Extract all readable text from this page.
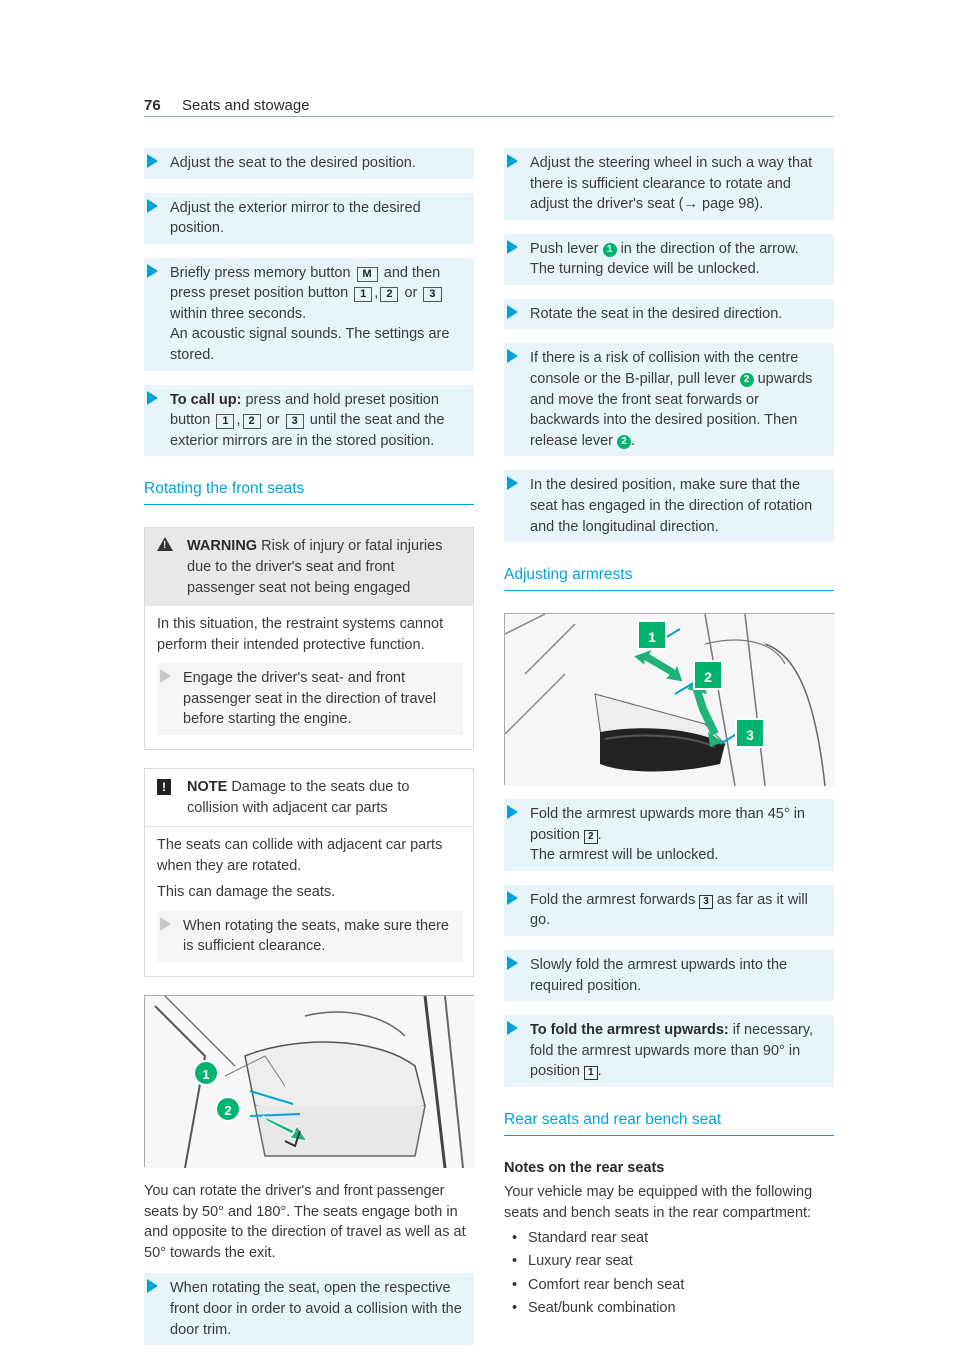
76 Seats and stowage
Adjust the seat to the desired position.
Adjust the exterior mirror to the desired position.
Briefly press memory button M and then press preset position button 1 , 2 or 3 within three seconds.
An acoustic signal sounds. The settings are stored.
To call up: press and hold preset position button 1 , 2 or 3 until the seat and the exterior mirrors are in the stored position.
Rotating the front seats
!
WARNING Risk of injury or fatal injuries due to the driver's seat and front passenger seat not being engaged

In this situation, the restraint systems cannot perform their intended protective function.

Engage the driver's seat- and front passenger seat in the direction of travel before starting the engine.
!	NOTE Damage to the seats due to collision with adjacent car parts

The seats can collide with adjacent car parts when they are rotated.

This can damage the seats.

When rotating the seats, make sure there is sufficient clearance.
1
2

You can rotate the driver's and front passenger seats by 50° and 180°. The seats engage both in and opposite to the direction of travel as well as at 50° towards the exit.

When rotating the seat, open the respective front door in order to avoid a collision with the door trim.
Adjust the steering wheel in such a way that there is sufficient clearance to rotate and adjust the driver's seat (→ page 98).
Push lever 1 in the direction of the arrow.
The turning device will be unlocked.
Rotate the seat in the desired direction.
If there is a risk of collision with the centre console or the B-pillar, pull lever 2 upwards and move the front seat forwards or backwards into the desired position. Then release lever 2 .
In the desired position, make sure that the seat has engaged in the direction of rotation and the longitudinal direction.
Adjusting armrests
1
2
3
Fold the armrest upwards more than 45° in position 2 .
The armrest will be unlocked.
Fold the armrest forwards 3 as far as it will go.
Slowly fold the armrest upwards into the required position.
To fold the armrest upwards: if necessary, fold the armrest upwards more than 90° in position 1 .
Rear seats and rear bench seat
Notes on the rear seats

Your vehicle may be equipped with the following seats and bench seats in the rear compartment:

• Standard rear seat
• Luxury rear seat
• Comfort rear bench seat
• Seat/bunk combination
